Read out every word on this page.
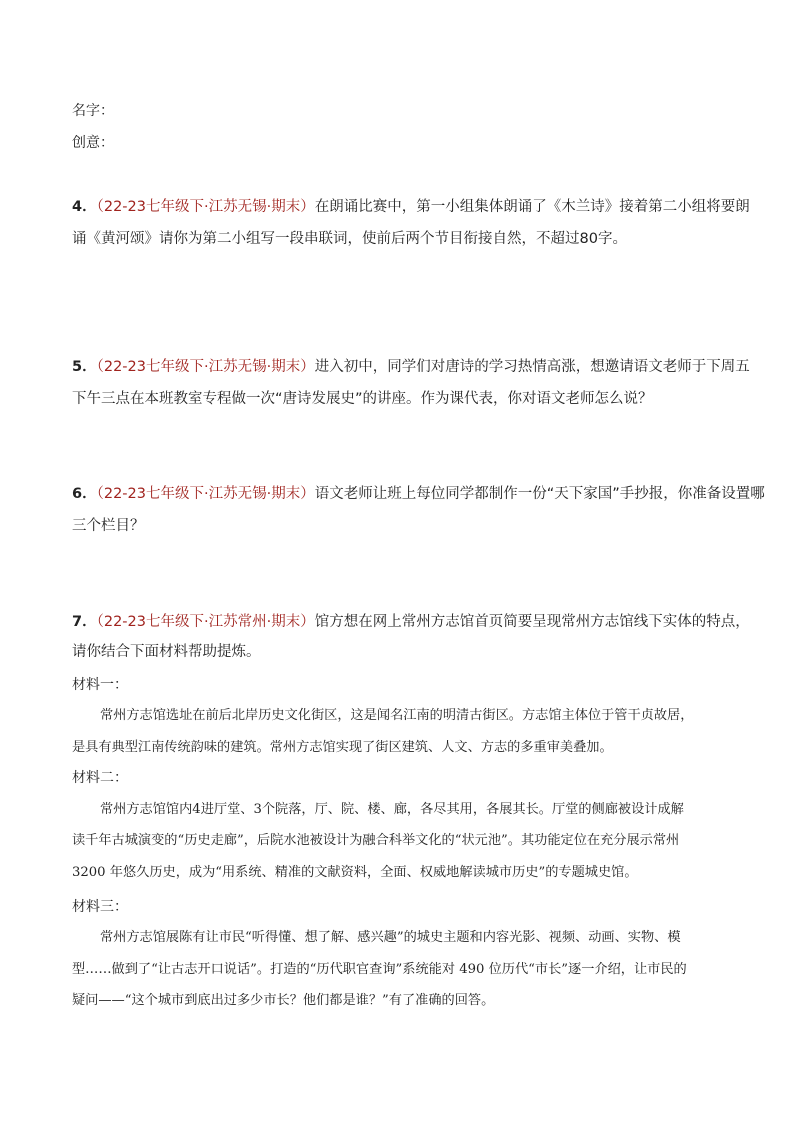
名字：
创意：
4．（22-23七年级下·江苏无锡·期末）在朗诵比赛中，第一小组集体朗诵了《木兰诗》接着第二小组将要朗
诵《黄河颂》请你为第二小组写一段串联词，使前后两个节目衔接自然，不超过80字。
5．（22-23七年级下·江苏无锡·期末）进入初中，同学们对唐诗的学习热情高涨，想邀请语文老师于下周五
下午三点在本班教室专程做一次“唐诗发展史”的讲座。作为课代表，你对语文老师怎么说？
6．（22-23七年级下·江苏无锡·期末）语文老师让班上每位同学都制作一份“天下家国”手抄报，你准备设置哪
三个栏目？
7．（22-23七年级下·江苏常州·期末）馆方想在网上常州方志馆首页简要呈现常州方志馆线下实体的特点，
请你结合下面材料帮助提炼。
材料一：
常州方志馆选址在前后北岸历史文化街区，这是闻名江南的明清古街区。方志馆主体位于管干贞故居，
是具有典型江南传统韵味的建筑。常州方志馆实现了街区建筑、人文、方志的多重审美叠加。
材料二：
常州方志馆馆内4进厅堂、3个院落，厅、院、楼、廊，各尽其用，各展其长。厅堂的侧廊被设计成解
读千年古城演变的“历史走廊”，后院水池被设计为融合科举文化的“状元池”。其功能定位在充分展示常州
3200 年悠久历史，成为“用系统、精准的文献资料，全面、权威地解读城市历史”的专题城史馆。
材料三：
常州方志馆展陈有让市民“听得懂、想了解、感兴趣”的城史主题和内容光影、视频、动画、实物、模
型……做到了“让古志开口说话”。打造的“历代职官查询”系统能对 490 位历代“市长”逐一介绍，让市民的
疑问——“这个城市到底出过多少市长？他们都是谁？”有了准确的回答。
